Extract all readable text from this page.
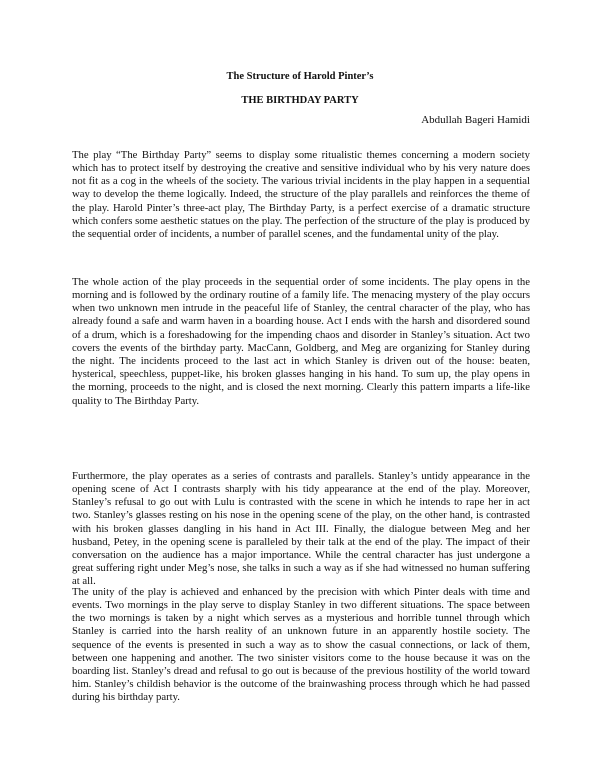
The Structure of Harold Pinter’s
THE BIRTHDAY PARTY
Abdullah Bageri Hamidi

The play “The Birthday Party” seems to display some ritualistic themes concerning a modern society which has to protect itself by destroying the creative and sensitive individual who by his very nature does not fit as a cog in the wheels of the society. The various trivial incidents in the play happen in a sequential way to develop the theme logically. Indeed, the structure of the play parallels and reinforces the theme of the play. Harold Pinter’s three-act play, The Birthday Party, is a perfect exercise of a dramatic structure which confers some aesthetic statues on the play. The perfection of the structure of the play is produced by the sequential order of incidents, a number of parallel scenes, and the fundamental unity of the play.

The whole action of the play proceeds in the sequential order of some incidents. The play opens in the morning and is followed by the ordinary routine of a family life. The menacing mystery of the play occurs when two unknown men intrude in the peaceful life of Stanley, the central character of the play, who has already found a safe and warm haven in a boarding house. Act I ends with the harsh and disordered sound of a drum, which is a foreshadowing for the impending chaos and disorder in Stanley’s situation. Act two covers the events of the birthday party. MacCann, Goldberg, and Meg are organizing for Stanley during the night. The incidents proceed to the last act in which Stanley is driven out of the house: beaten, hysterical, speechless, puppet-like, his broken glasses hanging in his hand. To sum up, the play opens in the morning, proceeds to the night, and is closed the next morning. Clearly this pattern imparts a life-like quality to The Birthday Party.

Furthermore, the play operates as a series of contrasts and parallels. Stanley’s untidy appearance in the opening scene of Act I contrasts sharply with his tidy appearance at the end of the play. Moreover, Stanley’s refusal to go out with Lulu is contrasted with the scene in which he intends to rape her in act two. Stanley’s glasses resting on his nose in the opening scene of the play, on the other hand, is contrasted with his broken glasses dangling in his hand in Act III. Finally, the dialogue between Meg and her husband, Petey, in the opening scene is paralleled by their talk at the end of the play. The impact of their conversation on the audience has a major importance. While the central character has just undergone a great suffering right under Meg’s nose, she talks in such a way as if she had witnessed no human suffering at all.

The unity of the play is achieved and enhanced by the precision with which Pinter deals with time and events. Two mornings in the play serve to display Stanley in two different situations. The space between the two mornings is taken by a night which serves as a mysterious and horrible tunnel through which Stanley is carried into the harsh reality of an unknown future in an apparently hostile society. The sequence of the events is presented in such a way as to show the casual connections, or lack of them, between one happening and another. The two sinister visitors come to the house because it was on the boarding list. Stanley’s dread and refusal to go out is because of the previous hostility of the world toward him. Stanley’s childish behavior is the outcome of the brainwashing process through which he had passed during his birthday party.
